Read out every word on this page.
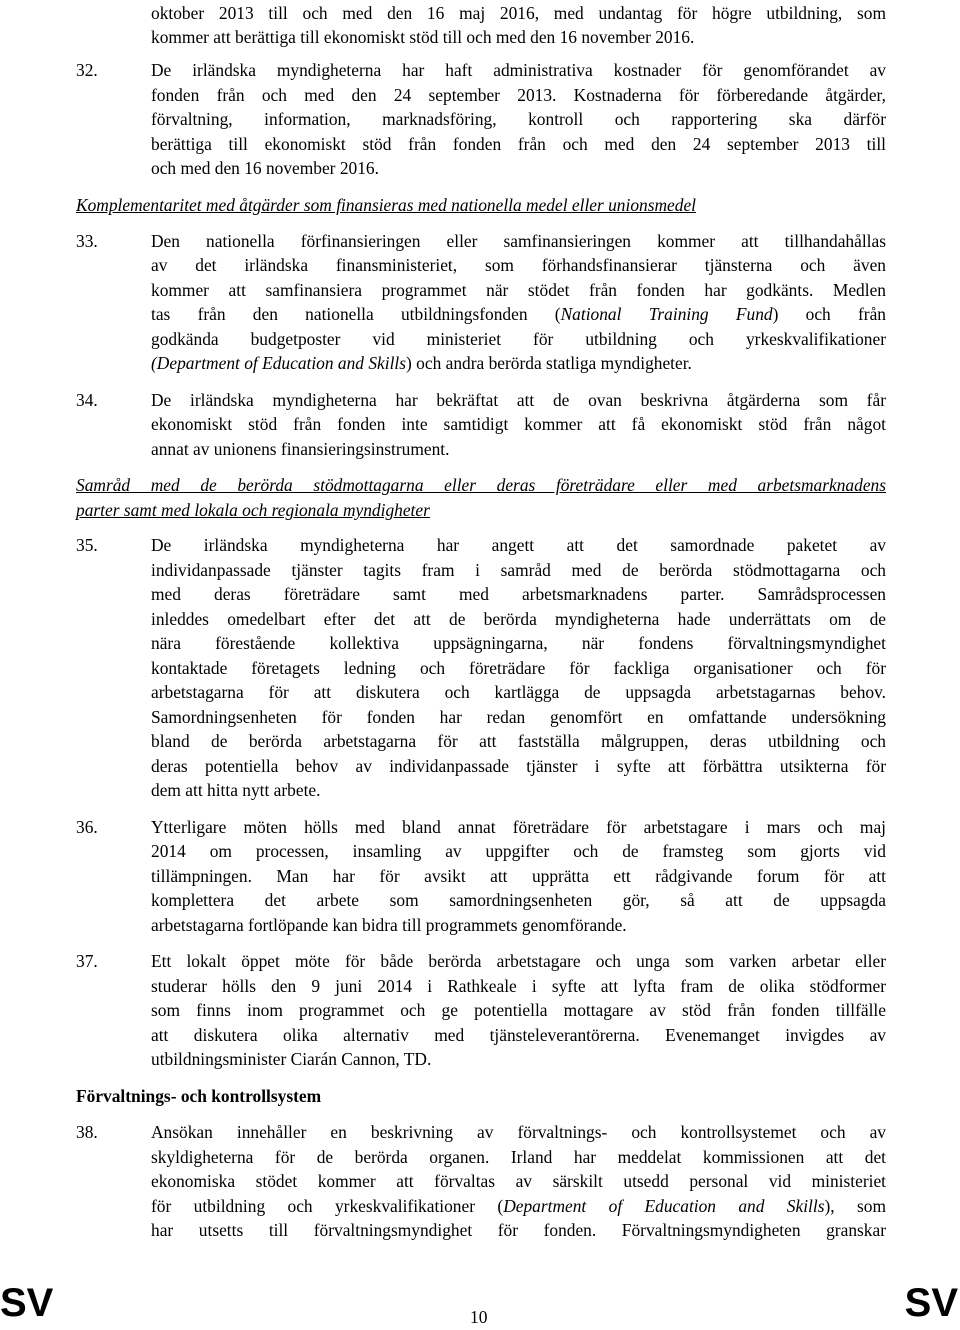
oktober 2013 till och med den 16 maj 2016, med undantag för högre utbildning, som
kommer att berättiga till ekonomiskt stöd till och med den 16 november 2016.
32.	De irländska myndigheterna har haft administrativa kostnader för genomförandet av
fonden från och med den 24 september 2013. Kostnaderna för förberedande åtgärder,
förvaltning, information, marknadsföring, kontroll och rapportering ska därför
berättiga till ekonomiskt stöd från fonden från och med den 24 september 2013 till
och med den 16 november 2016.
Komplementaritet med åtgärder som finansieras med nationella medel eller unionsmedel
33.	Den nationella förfinansieringen eller samfinansieringen kommer att tillhandahållas
av det irländska finansministeriet, som förhandsfinansierar tjänsterna och även
kommer att samfinansiera programmet när stödet från fonden har godkänts. Medlen
tas från den nationella utbildningsfonden (National Training Fund) och från
godkända budgetposter vid ministeriet för utbildning och yrkeskvalifikationer
(Department of Education and Skills) och andra berörda statliga myndigheter.
34.	De irländska myndigheterna har bekräftat att de ovan beskrivna åtgärderna som får
ekonomiskt stöd från fonden inte samtidigt kommer att få ekonomiskt stöd från något
annat av unionens finansieringsinstrument.
Samråd med de berörda stödmottagarna eller deras företrädare eller med arbetsmarknadens
parter samt med lokala och regionala myndigheter
35.	De irländska myndigheterna har angett att det samordnade paketet av
individanpassade tjänster tagits fram i samråd med de berörda stödmottagarna och
med deras företrädare samt med arbetsmarknadens parter. Samrådsprocessen
inleddes omedelbart efter det att de berörda myndigheterna hade underrättats om de
nära förestående kollektiva uppsägningarna, när fondens förvaltningsmyndighet
kontaktade företagets ledning och företrädare för fackliga organisationer och för
arbetstagarna för att diskutera och kartlägga de uppsagda arbetstagarnas behov.
Samordningsenheten för fonden har redan genomfört en omfattande undersökning
bland de berörda arbetstagarna för att fastställa målgruppen, deras utbildning och
deras potentiella behov av individanpassade tjänster i syfte att förbättra utsikterna för
dem att hitta nytt arbete.
36.	Ytterligare möten hölls med bland annat företrädare för arbetstagare i mars och maj
2014 om processen, insamling av uppgifter och de framsteg som gjorts vid
tillämpningen. Man har för avsikt att upprätta ett rådgivande forum för att
komplettera det arbete som samordningsenheten gör, så att de uppsagda
arbetstagarna fortlöpande kan bidra till programmets genomförande.
37.	Ett lokalt öppet möte för både berörda arbetstagare och unga som varken arbetar eller
studerar hölls den 9 juni 2014 i Rathkeale i syfte att lyfta fram de olika stödformer
som finns inom programmet och ge potentiella mottagare av stöd från fonden tillfälle
att diskutera olika alternativ med tjänsteleverantörerna. Evenemanget invigdes av
utbildningsminister Ciarán Cannon, TD.
Förvaltnings- och kontrollsystem
38.	Ansökan innehåller en beskrivning av förvaltnings- och kontrollsystemet och av
skyldigheterna för de berörda organen. Irland har meddelat kommissionen att det
ekonomiska stödet kommer att förvaltas av särskilt utsedd personal vid ministeriet
för utbildning och yrkeskvalifikationer (Department of Education and Skills), som
har utsetts till förvaltningsmyndighet för fonden. Förvaltningsmyndigheten granskar
SV	10	SV
